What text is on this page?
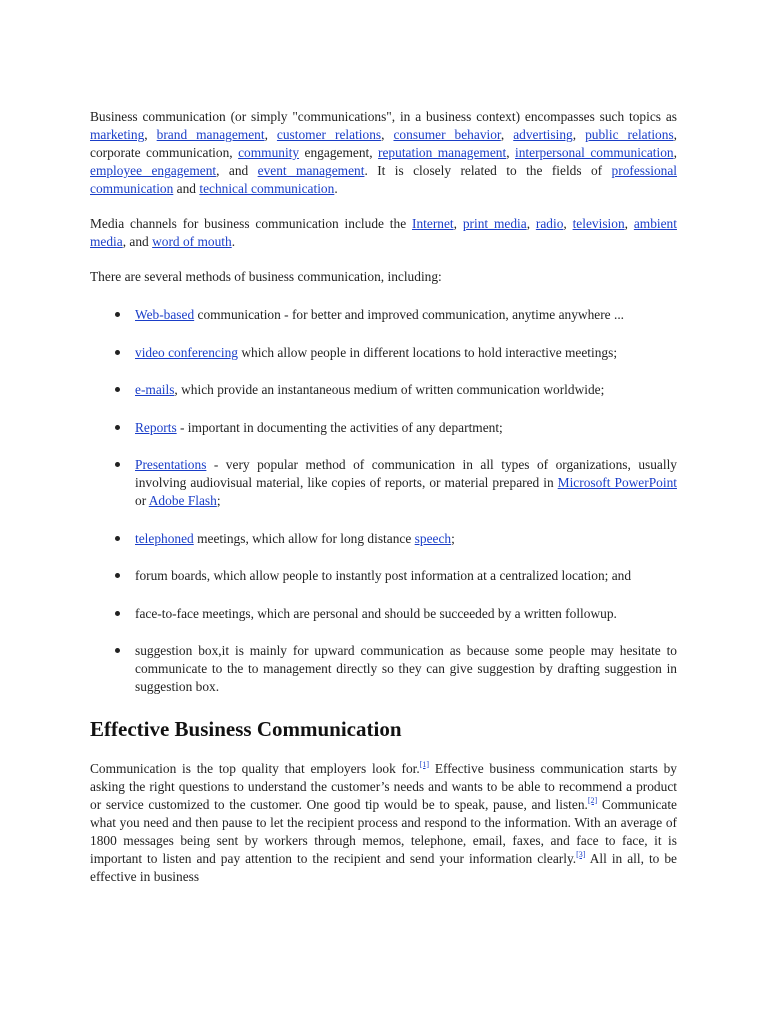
Business communication (or simply "communications", in a business context) encompasses such topics as marketing, brand management, customer relations, consumer behavior, advertising, public relations, corporate communication, community engagement, reputation management, interpersonal communication, employee engagement, and event management. It is closely related to the fields of professional communication and technical communication.

Media channels for business communication include the Internet, print media, radio, television, ambient media, and word of mouth.

There are several methods of business communication, including:

Web-based communication - for better and improved communication, anytime anywhere ...
video conferencing which allow people in different locations to hold interactive meetings;
e-mails, which provide an instantaneous medium of written communication worldwide;
Reports - important in documenting the activities of any department;
Presentations - very popular method of communication in all types of organizations, usually involving audiovisual material, like copies of reports, or material prepared in Microsoft PowerPoint or Adobe Flash;
telephoned meetings, which allow for long distance speech;
forum boards, which allow people to instantly post information at a centralized location; and
face-to-face meetings, which are personal and should be succeeded by a written followup.
suggestion box,it is mainly for upward communication as because some people may hesitate to communicate to the to management directly so they can give suggestion by drafting suggestion in suggestion box.
Effective Business Communication

Communication is the top quality that employers look for.[1] Effective business communication starts by asking the right questions to understand the customer’s needs and wants to be able to recommend a product or service customized to the customer. One good tip would be to speak, pause, and listen.[2] Communicate what you need and then pause to let the recipient process and respond to the information. With an average of 1800 messages being sent by workers through memos, telephone, email, faxes, and face to face, it is important to listen and pay attention to the recipient and send your information clearly.[3] All in all, to be effective in business
